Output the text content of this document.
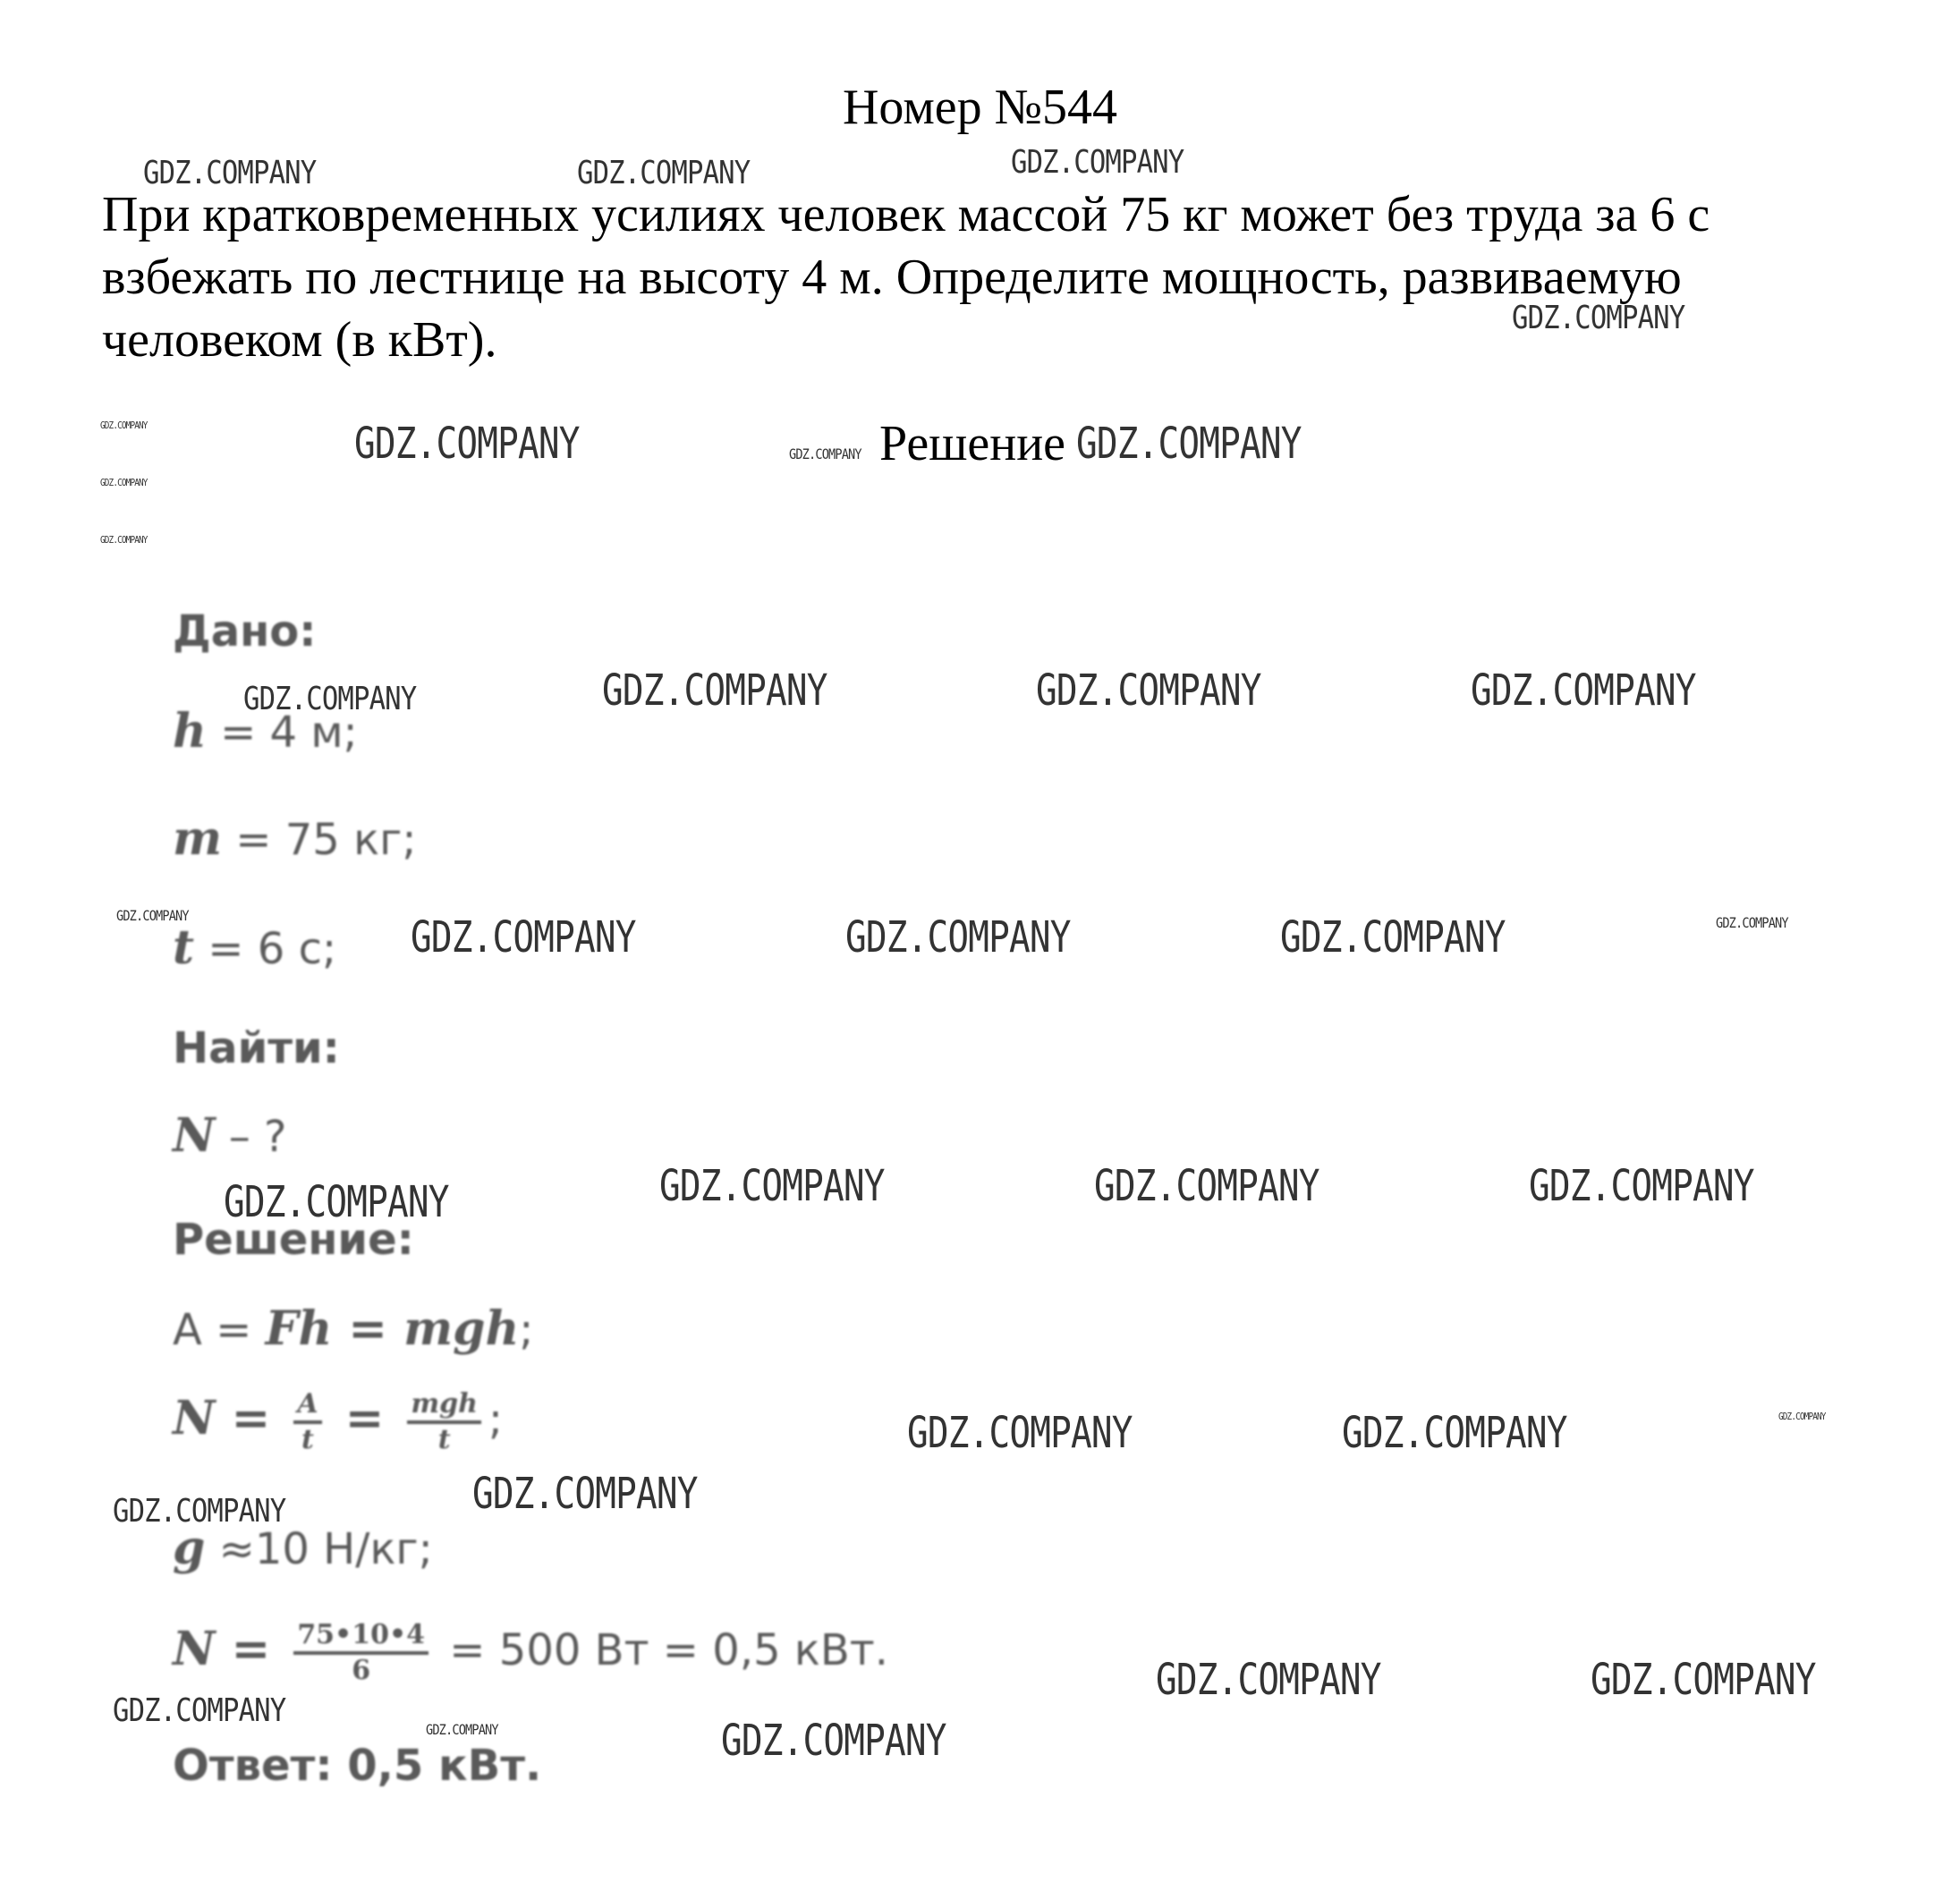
Номер №544
При кратковременных усилиях человек массой 75 кг может без труда за 6 с
взбежать по лестнице на высоту 4 м. Определите мощность, развиваемую
человеком (в кВт).
Решение
Дано:
h = 4 м;
m = 75 кг;
t = 6 с;
Найти:
N – ?
Решение:
A = Fh = mgh;
$N = \frac{A}{t} = \frac{\text{mgh}}{t}$ ;
g ≈10 Н/кг;
$N = \frac{75•10•4}{6} = 500$ Вт = 0,5 кВт.
Ответ: 0,5 кВт.
GDZ.COMPANY	GDZ.COMPANY	GDZ.COMPANY
GDZ.COMPANY
GDZ.COMPANY
GDZ.COMPANY
GDZ.COMPANY
GDZ.COMPANY	GDZ.COMPANY	GDZ.COMPANY
GDZ.COMPANY	GDZ.COMPANY	GDZ.COMPANY	GDZ.COMPANY
GDZ.COMPANY	GDZ.COMPANY	GDZ.COMPANY	GDZ.COMPANY	GDZ.COMPANY
GDZ.COMPANY	GDZ.COMPANY	GDZ.COMPANY	GDZ.COMPANY
GDZ.COMPANY	GDZ.COMPANY	GDZ.COMPANY
GDZ.COMPANY
GDZ.COMPANY
GDZ.COMPANY	GDZ.COMPANY
GDZ.COMPANY
GDZ.COMPANY	GDZ.COMPANY
